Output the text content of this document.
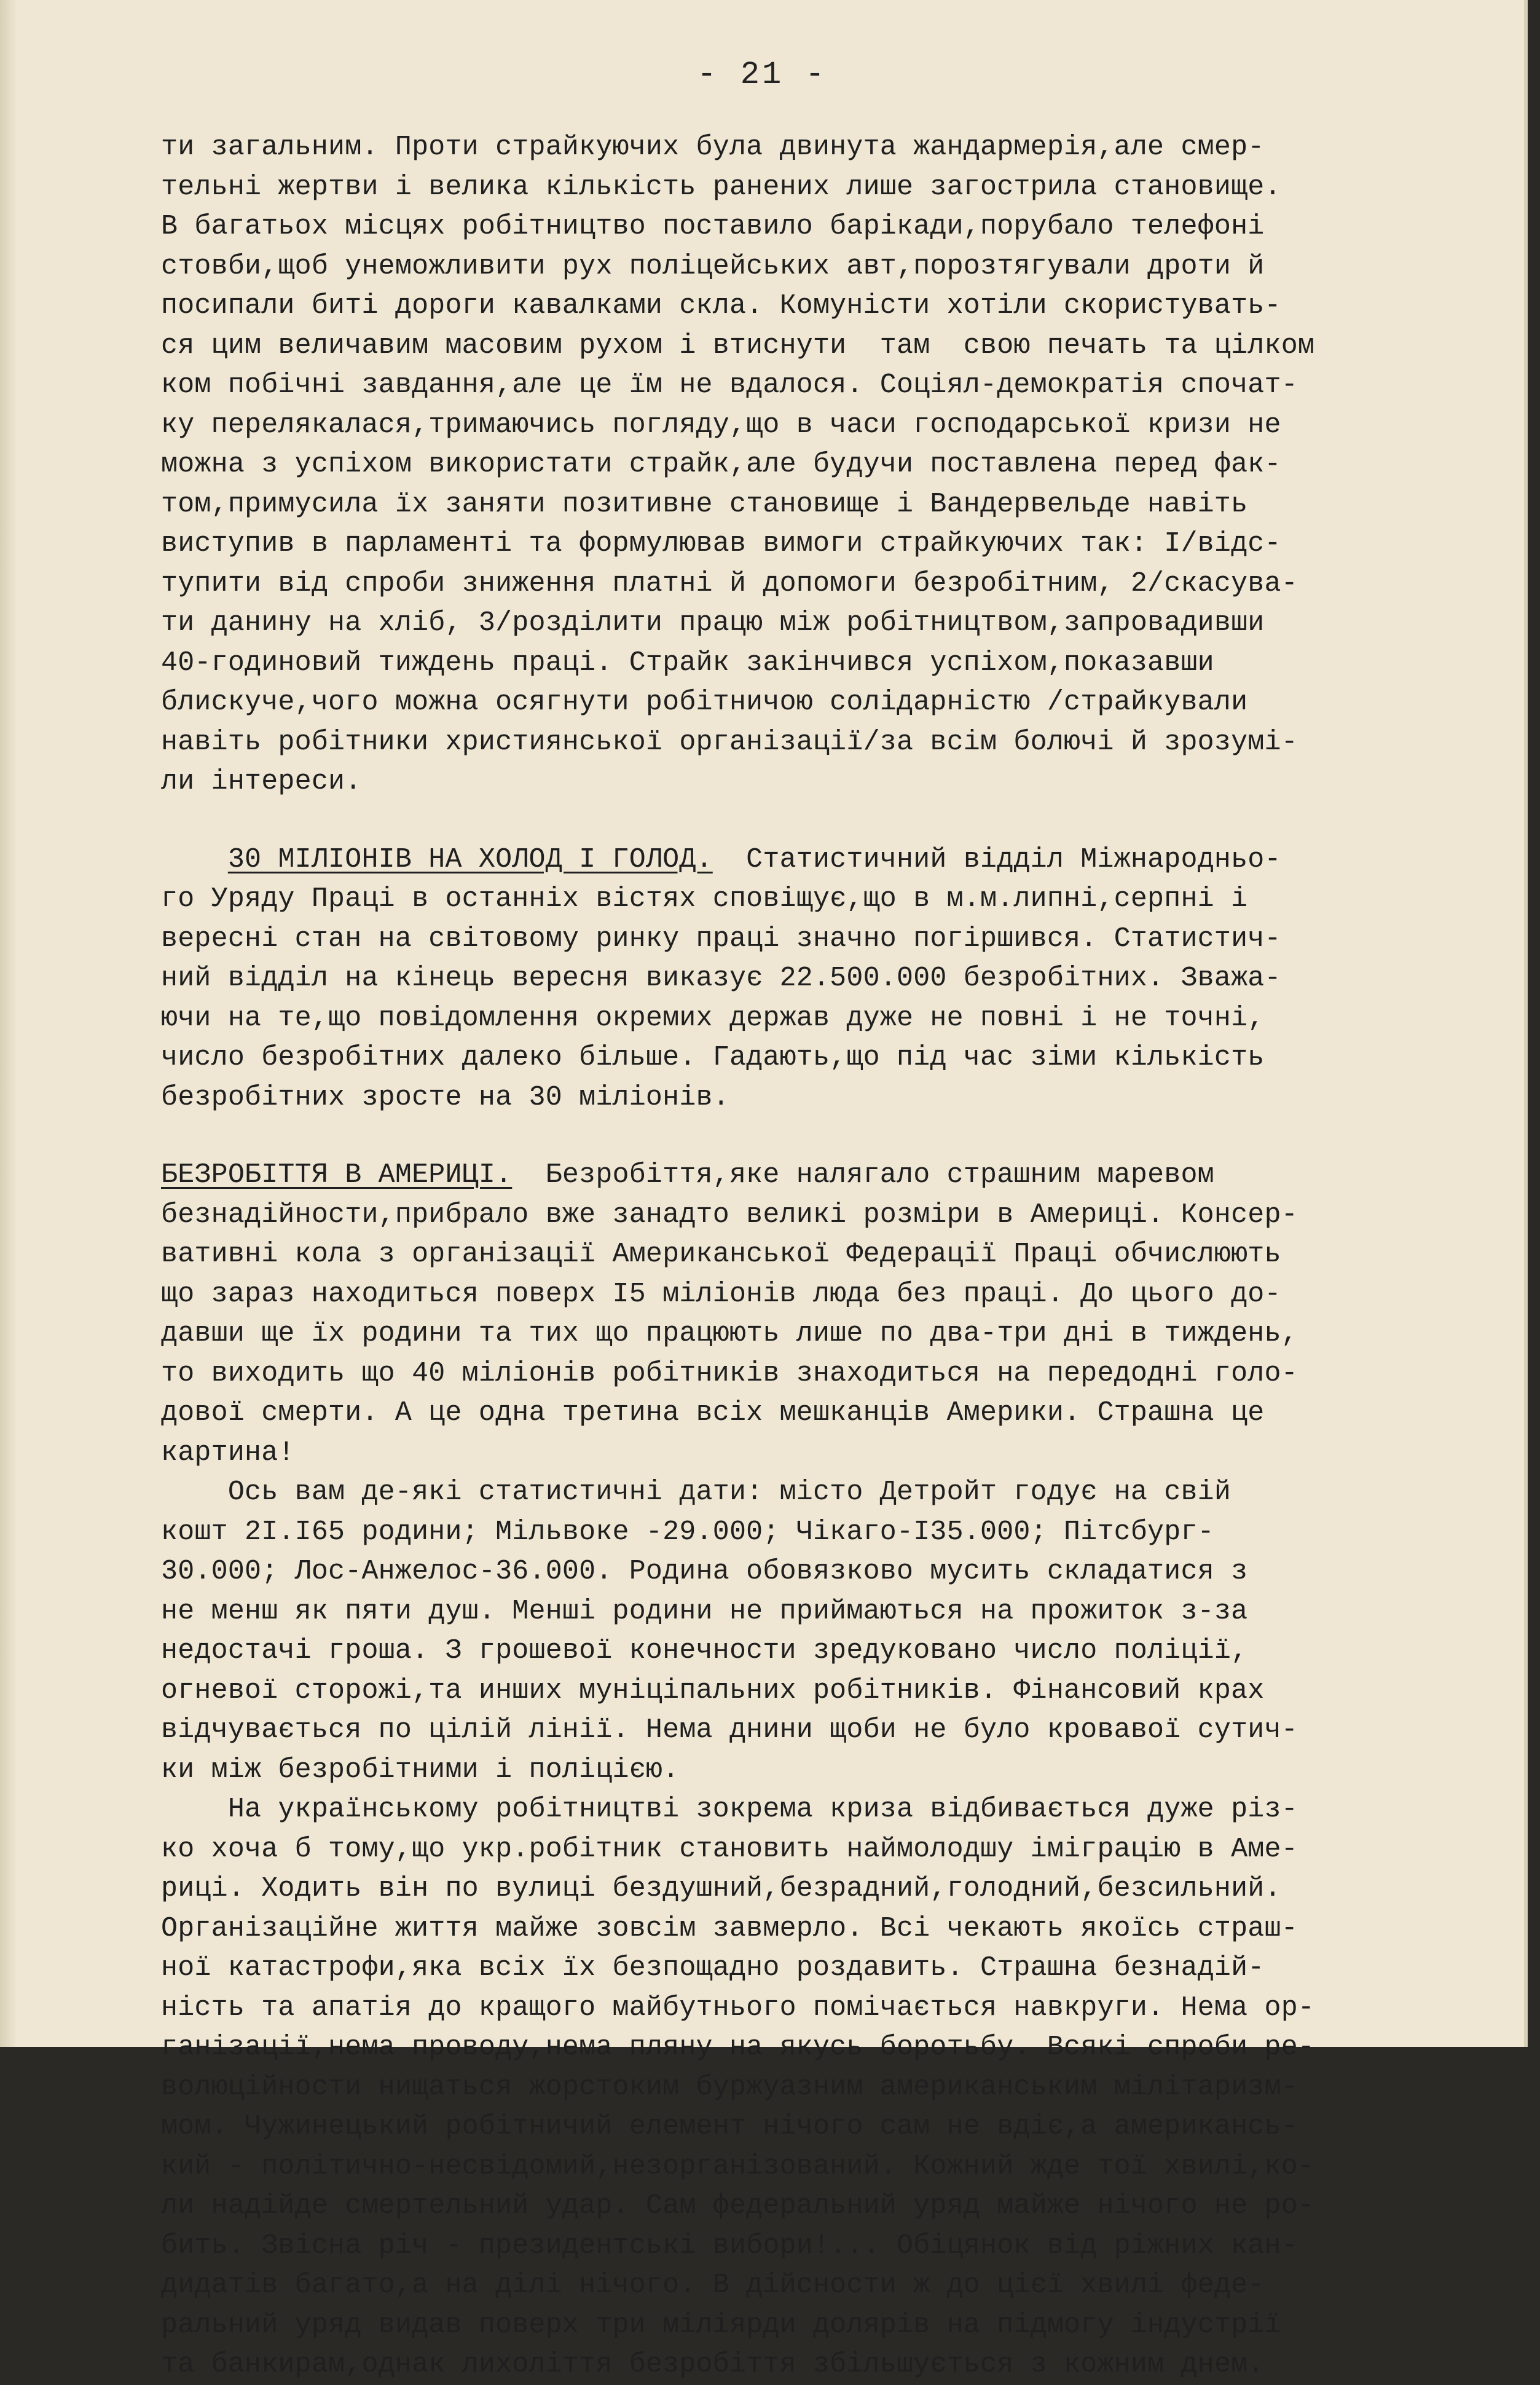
- 21 -
ти загальним. Проти страйкуючих була двинута жандармерія,але смер-
тельні жертви і велика кількість ранених лише загострила становище.
В багатьох місцях робітництво поставило барікади,порубало телефоні
стовби,щоб унеможливити рух поліцейських авт,порозтягували дроти й
посипали биті дороги кавалками скла. Комуністи хотіли скористувать-
ся цим величавим масовим рухом і втиснути  там  свою печать та цілком
ком побічні завдання,але це їм не вдалося. Соціял-демократія спочат-
ку перелякалася,тримаючись погляду,що в часи господарської кризи не
можна з успіхом використати страйк,але будучи поставлена перед фак-
том,примусила їх заняти позитивне становище і Вандервельде навіть
виступив в парламенті та формулював вимоги страйкуючих так: I/відс-
тупити від спроби зниження платні й допомоги безробітним, 2/скасува-
ти данину на хліб, 3/розділити працю між робітництвом,запровадивши
40-годиновий тиждень праці. Страйк закінчився успіхом,показавши
блискуче,чого можна осягнути робітничою солідарністю /страйкували
навіть робітники християнської організації/за всім болючі й зрозумі-
ли інтереси.
30 МІЛІОНІВ НА ХОЛОД І ГОЛОД.  Статистичний відділ Міжнародньо-
го Уряду Праці в останніх вістях сповіщує,що в м.м.липні,серпні і
вересні стан на світовому ринку праці значно погіршився. Статистич-
ний відділ на кінець вересня виказує 22.500.000 безробітних. Зважа-
ючи на те,що повідомлення окремих держав дуже не повні і не точні,
число безробітних далеко більше. Гадають,що під час зіми кількість
безробітних зросте на 30 міліонів.
БЕЗРОБІТТЯ В АМЕРИЦІ.  Безробіття,яке налягало страшним маревом
безнадійности,прибрало вже занадто великі розміри в Америці. Консер-
вативні кола з організації Американської Федерації Праці обчислюють
що зараз находиться поверх I5 міліонів люда без праці. До цього до-
давши ще їх родини та тих що працюють лише по два-три дні в тиждень,
то виходить що 40 міліонів робітників знаходиться на передодні голо-
дової смерти. А це одна третина всіх мешканців Америки. Страшна це
картина!
Ось вам де-які статистичні дати: місто Детройт годує на свій
кошт 2I.I65 родини; Мільвоке -29.000; Чікаго-I35.000; Пітсбург-
30.000; Лос-Анжелос-36.000. Родина обовязково мусить складатися з
не менш як пяти душ. Менші родини не приймаються на прожиток з-за
недостачі гроша. З грошевої конечности зредуковано число поліції,
огневої сторожі,та инших муніціпальних робітників. Фінансовий крах
відчувається по цілій лінії. Нема днини щоби не було кровавої сутич-
ки між безробітними і поліцією.
На українському робітництві зокрема криза відбивається дуже різ-
ко хоча б тому,що укр.робітник становить наймолодшу іміграцію в Аме-
риці. Ходить він по вулиці бездушний,безрадний,голодний,безсильний.
Організаційне життя майже зовсім завмерло. Всі чекають якоїсь страш-
ної катастрофи,яка всіх їх безпощадно роздавить. Страшна безнадій-
ність та апатія до кращого майбутнього помічається навкруги. Нема ор-
ганізації,нема проводу,нема пляну на якусь боротьбу. Всякі спроби ре-
волюційности нищаться жорстоким буржуазним американським мілітаризм-
мом. Чужинецький робітничий елемент нічого сам не вдіє,а американсь-
кий - політично-несвідомий,незорганізований. Кожний жде тої хвилі,ко-
ли надійде смертельний удар. Сам федеральний уряд майже нічого не ро-
бить. Звісна річ - президентські вибори!... Обіцянок від ріжних кан-
дидатів багато,а на ділі нічого. В дійсности ж до цієї хвилі феде-
ральний уряд видав поверх три міліярди долярів на підмогу індустрії
та банкирам,однак лихоліття безробіття збільшується з кожним днем.
